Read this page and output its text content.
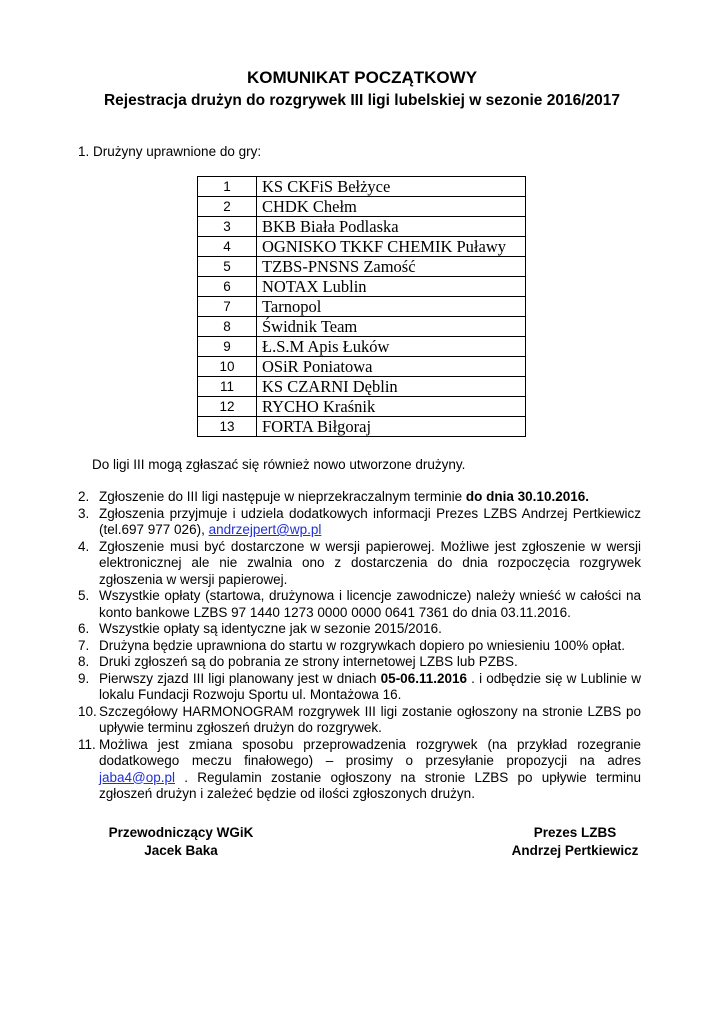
KOMUNIKAT POCZĄTKOWY
Rejestracja drużyn do rozgrywek III ligi lubelskiej w sezonie 2016/2017
1. Drużyny uprawnione do gry:
1	KS CKFiS Bełżyce
2	CHDK Chełm
3	BKB Biała Podlaska
4	OGNISKO TKKF CHEMIK Puławy
5	TZBS-PNSNS Zamość
6	NOTAX Lublin
7	Tarnopol
8	Świdnik Team
9	Ł.S.M Apis Łuków
10	OSiR Poniatowa
11	KS CZARNI Dęblin
12	RYCHO Kraśnik
13	FORTA Biłgoraj
Do ligi III mogą zgłaszać się również nowo utworzone drużyny.
2. Zgłoszenie do III ligi następuje w nieprzekraczalnym terminie do dnia 30.10.2016.
3. Zgłoszenia przyjmuje i udziela dodatkowych informacji Prezes LZBS Andrzej Pertkiewicz (tel.697 977 026), andrzejpert@wp.pl
4. Zgłoszenie musi być dostarczone w wersji papierowej. Możliwe jest zgłoszenie w wersji elektronicznej ale nie zwalnia ono z dostarczenia do dnia rozpoczęcia rozgrywek zgłoszenia w wersji papierowej.
5. Wszystkie opłaty (startowa, drużynowa i licencje zawodnicze) należy wnieść w całości na konto bankowe LZBS 97 1440 1273 0000 0000 0641 7361 do dnia 03.11.2016.
6. Wszystkie opłaty są identyczne jak w sezonie 2015/2016.
7. Drużyna będzie uprawniona do startu w rozgrywkach dopiero po wniesieniu 100% opłat.
8. Druki zgłoszeń są do pobrania ze strony internetowej LZBS lub PZBS.
9. Pierwszy zjazd III ligi planowany jest w dniach 05-06.11.2016 . i odbędzie się w Lublinie w lokalu Fundacji Rozwoju Sportu ul. Montażowa 16.
10. Szczegółowy HARMONOGRAM rozgrywek III ligi zostanie ogłoszony na stronie LZBS po upływie terminu zgłoszeń drużyn do rozgrywek.
11. Możliwa jest zmiana sposobu przeprowadzenia rozgrywek (na przykład rozegranie dodatkowego meczu finałowego) – prosimy o przesyłanie propozycji na adres jaba4@op.pl . Regulamin zostanie ogłoszony na stronie LZBS po upływie terminu zgłoszeń drużyn i zależeć będzie od ilości zgłoszonych drużyn.
Przewodniczący WGiK
Jacek Baka
Prezes LZBS
Andrzej Pertkiewicz
